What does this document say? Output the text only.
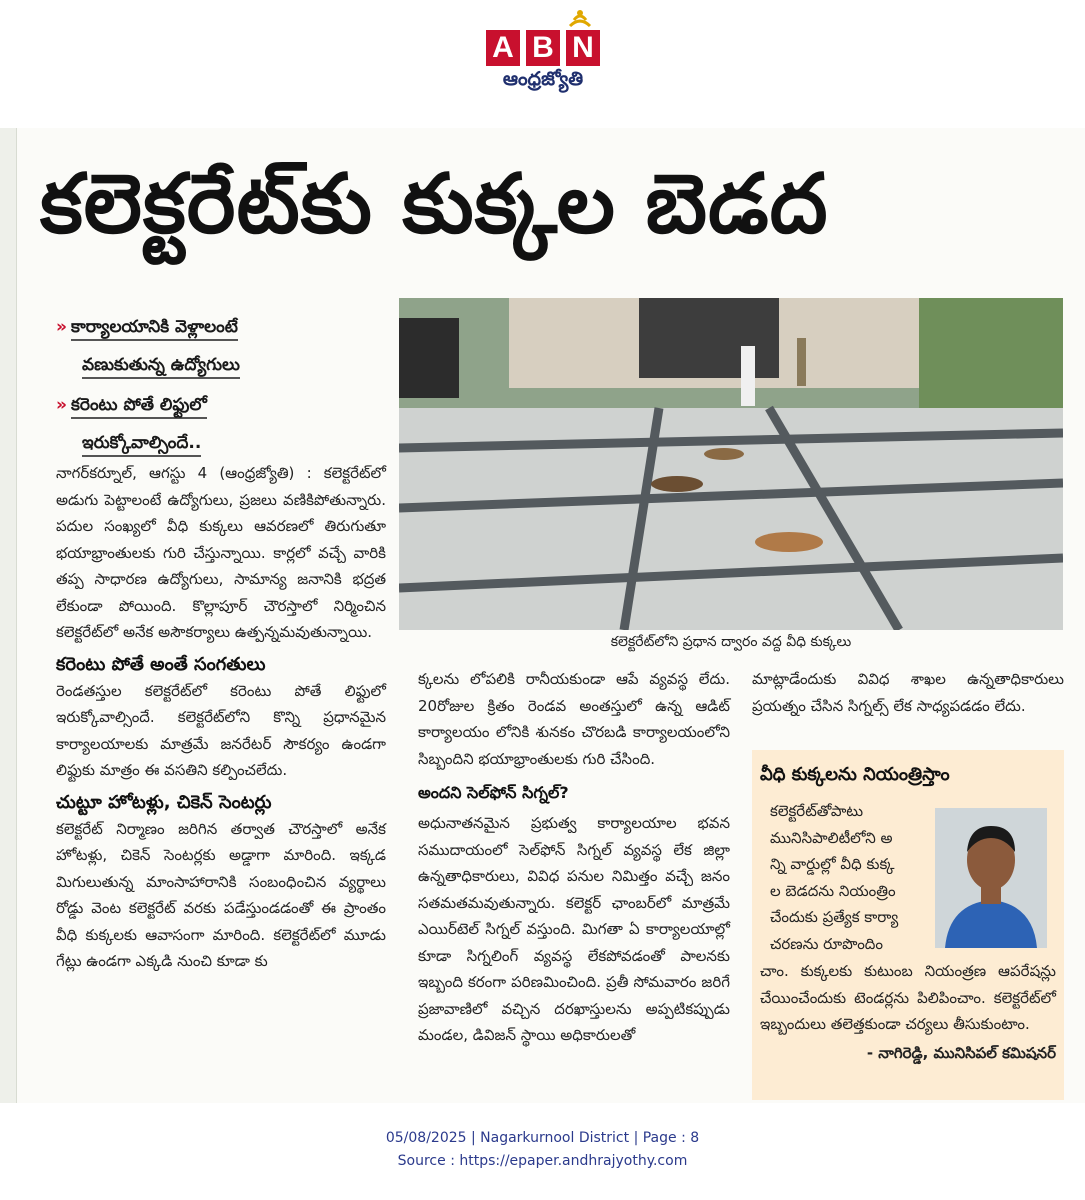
A B N
ఆంధ్రజ్యోతి
కలెక్టరేట్‌కు కుక్కల బెడద
» కార్యాలయానికి వెళ్లాలంటే
వణుకుతున్న ఉద్యోగులు
» కరెంటు పోతే లిఫ్టులో
ఇరుక్కోవాల్సిందే..
నాగర్‌కర్నూల్‌, ఆగస్టు 4 (ఆంధ్రజ్యోతి) : కలెక్టరేట్‌లో అడుగు పెట్టాలంటే ఉద్యోగులు, ప్రజలు వణికిపోతున్నారు. పదుల సంఖ్యలో వీధి కుక్కలు ఆవరణలో తిరుగుతూ భయాభ్రాంతులకు గురి చేస్తున్నాయి. కార్లలో వచ్చే వారికి తప్ప సాధారణ ఉద్యోగులు, సామాన్య జనానికి భద్రత లేకుండా పోయింది. కొల్లాపూర్‌ చౌరస్తాలో నిర్మించిన కలెక్టరేట్‌లో అనేక అసౌకర్యాలు ఉత్పన్నమవుతున్నాయి.
కరెంటు పోతే అంతే సంగతులు
రెండతస్తుల కలెక్టరేట్‌లో కరెంటు పోతే లిఫ్టులో ఇరుక్కోవాల్సిందే. కలెక్టరేట్‌లోని కొన్ని ప్రధానమైన కార్యాలయాలకు మాత్రమే జనరేటర్‌ సౌకర్యం ఉండగా లిఫ్టుకు మాత్రం ఈ వసతిని కల్పించలేదు.
చుట్టూ హోటళ్లు, చికెన్‌ సెంటర్లు
కలెక్టరేట్‌ నిర్మాణం జరిగిన తర్వాత చౌరస్తాలో అనేక హోటళ్లు, చికెన్‌ సెంటర్లకు అడ్డాగా మారింది. ఇక్కడ మిగులుతున్న మాంసాహారానికి సంబంధించిన వ్యర్థాలు రోడ్డు వెంట కలెక్టరేట్‌ వరకు పడేస్తుండడంతో ఈ ప్రాంతం వీధి కుక్కలకు ఆవాసంగా మారింది. కలెక్టరేట్‌లో మూడు గేట్లు ఉండగా ఎక్కడి నుంచి కూడా కు
కలెక్టరేట్‌లోని ప్రధాన ద్వారం వద్ద వీధి కుక్కలు
క్కలను లోపలికి రానీయకుండా ఆపే వ్యవస్థ లేదు. 20రోజుల క్రితం రెండవ అంతస్తులో ఉన్న ఆడిట్‌ కార్యాలయం లోనికి శునకం చొరబడి కార్యాలయంలోని సిబ్బందిని భయాభ్రాంతులకు గురి చేసింది.
అందని సెల్‌ఫోన్‌ సిగ్నల్‌?
అధునాతనమైన ప్రభుత్వ కార్యాలయాల భవన సముదాయంలో సెల్‌ఫోన్‌ సిగ్నల్‌ వ్యవస్థ లేక జిల్లా ఉన్నతాధికారులు, వివిధ పనుల నిమిత్తం వచ్చే జనం సతమతమవుతున్నారు. కలెక్టర్‌ ఛాంబర్‌లో మాత్రమే ఎయిర్‌టెల్‌ సిగ్నల్‌ వస్తుంది. మిగతా ఏ కార్యాలయాల్లో కూడా సిగ్నలింగ్‌ వ్యవస్థ లేకపోవడంతో పాలనకు ఇబ్బంది కరంగా పరిణమించింది. ప్రతీ సోమవారం జరిగే ప్రజావాణిలో వచ్చిన దరఖాస్తులను అప్పటికప్పుడు మండల, డివిజన్‌ స్థాయి అధికారులతో
మాట్లాడేందుకు వివిధ శాఖల ఉన్నతాధికారులు ప్రయత్నం చేసిన సిగ్నల్స్‌ లేక సాధ్యపడడం లేదు.
వీధి కుక్కలను నియంత్రిస్తాం
కలెక్టరేట్‌తోపాటు
మునిసిపాలిటీలోని అ
న్ని వార్డుల్లో వీధి కుక్క
ల బెడదను నియంత్రిం
చేందుకు ప్రత్యేక కార్యా
చరణను రూపొందిం
చాం. కుక్కలకు కుటుంబ నియంత్రణ ఆపరేషన్లు చేయించేందుకు టెండర్లను పిలిపించాం. కలెక్టరేట్‌లో ఇబ్బందులు తలెత్తకుండా చర్యలు తీసుకుంటాం.
- నాగిరెడ్డి, మునిసిపల్‌ కమిషనర్‌
05/08/2025 | Nagarkurnool District | Page : 8
Source : https://epaper.andhrajyothy.com
